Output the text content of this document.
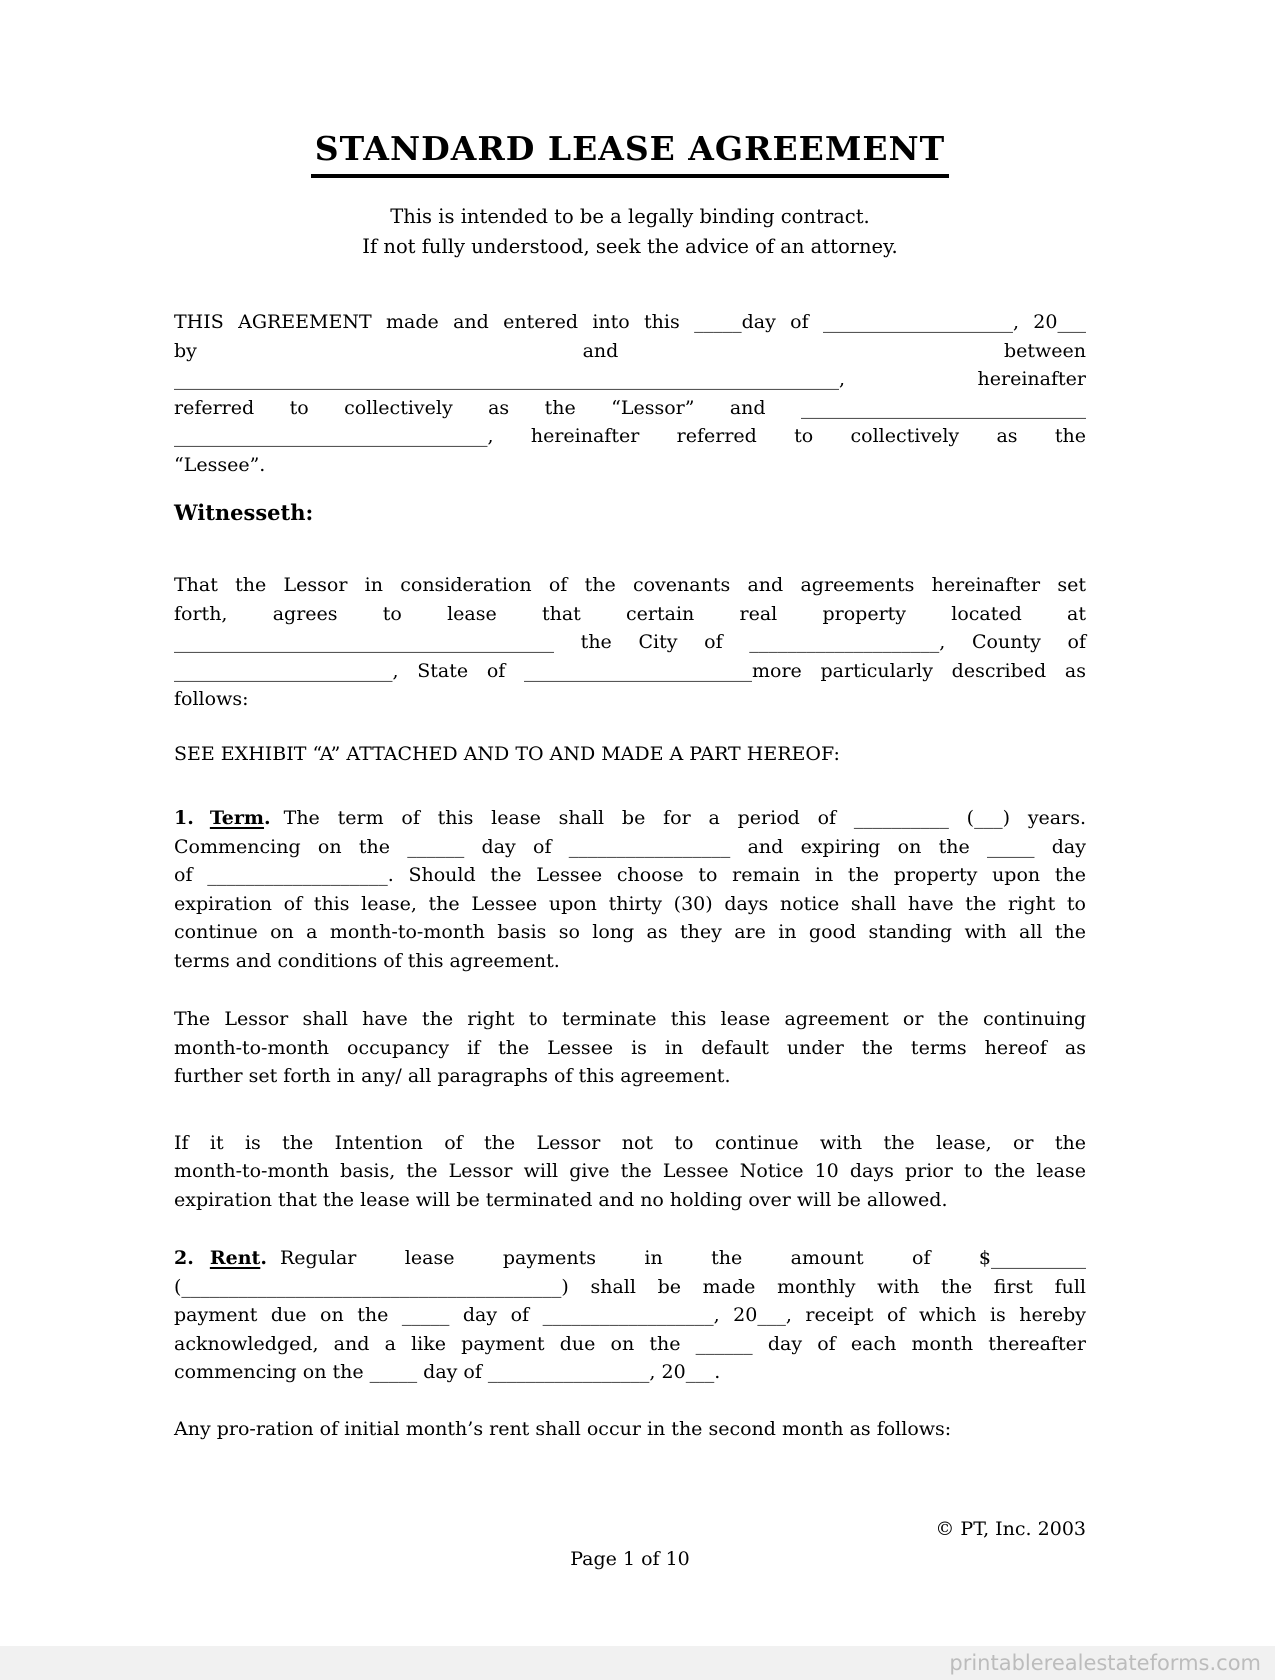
STANDARD LEASE AGREEMENT
This is intended to be a legally binding contract.
If not fully understood, seek the advice of an attorney.
THIS AGREEMENT made and entered into this _____day of ____________________, 20___
by and between
______________________________________________________________________, hereinafter
referred to collectively as the “Lessor” and ______________________________
_________________________________, hereinafter referred to collectively as the
“Lessee”.
Witnesseth:
That the Lessor in consideration of the covenants and agreements hereinafter set
forth, agrees to lease that certain real property located at
________________________________________ the City of ____________________, County of
_______________________, State of ________________________more particularly described as
follows:
SEE EXHIBIT “A” ATTACHED AND TO AND MADE A PART HEREOF:
1. Term. The term of this lease shall be for a period of __________ (___) years.
Commencing on the ______ day of _________________ and expiring on the _____ day
of ___________________. Should the Lessee choose to remain in the property upon the
expiration of this lease, the Lessee upon thirty (30) days notice shall have the right to
continue on a month-to-month basis so long as they are in good standing with all the
terms and conditions of this agreement.
The Lessor shall have the right to terminate this lease agreement or the continuing
month-to-month occupancy if the Lessee is in default under the terms hereof as
further set forth in any/ all paragraphs of this agreement.
If it is the Intention of the Lessor not to continue with the lease, or the
month-to-month basis, the Lessor will give the Lessee Notice 10 days prior to the lease
expiration that the lease will be terminated and no holding over will be allowed.
2. Rent. Regular lease payments in the amount of $__________
(________________________________________) shall be made monthly with the first full
payment due on the _____ day of __________________, 20___, receipt of which is hereby
acknowledged, and a like payment due on the ______ day of each month thereafter
commencing on the _____ day of _________________, 20___.
Any pro-ration of initial month’s rent shall occur in the second month as follows:
© PT, Inc. 2003
Page 1 of 10
printablerealestateforms.com
